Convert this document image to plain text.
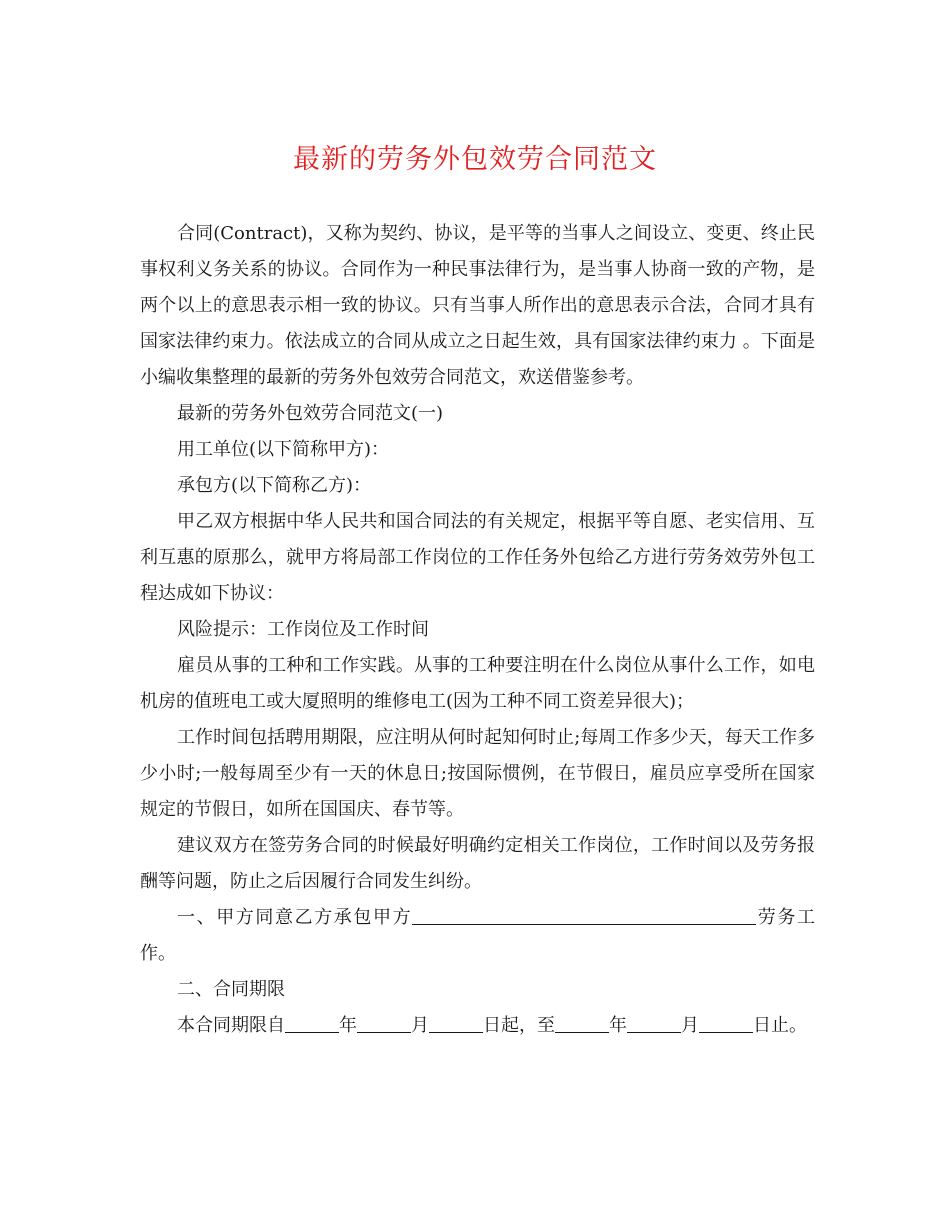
最新的劳务外包效劳合同范文

合同(Contract)，又称为契约、协议，是平等的当事人之间设立、变更、终止民事权利义务关系的协议。合同作为一种民事法律行为，是当事人协商一致的产物，是两个以上的意思表示相一致的协议。只有当事人所作出的意思表示合法，合同才具有国家法律约束力。依法成立的合同从成立之日起生效，具有国家法律约束力 。下面是小编收集整理的最新的劳务外包效劳合同范文，欢送借鉴参考。

最新的劳务外包效劳合同范文(一)

用工单位(以下简称甲方)：

承包方(以下简称乙方)：

甲乙双方根据中华人民共和国合同法的有关规定，根据平等自愿、老实信用、互利互惠的原那么，就甲方将局部工作岗位的工作任务外包给乙方进行劳务效劳外包工程达成如下协议：

风险提示：工作岗位及工作时间

雇员从事的工种和工作实践。从事的工种要注明在什么岗位从事什么工作，如电机房的值班电工或大厦照明的维修电工(因为工种不同工资差异很大)；

工作时间包括聘用期限，应注明从何时起知何时止;每周工作多少天，每天工作多少小时;一般每周至少有一天的休息日;按国际惯例，在节假日，雇员应享受所在国家规定的节假日，如所在国国庆、春节等。

建议双方在签劳务合同的时候最好明确约定相关工作岗位，工作时间以及劳务报酬等问题，防止之后因履行合同发生纠纷。

一、甲方同意乙方承包甲方	劳务工作。

二、合同期限

本合同期限自	年	月	日起，至	年	月	日止。
